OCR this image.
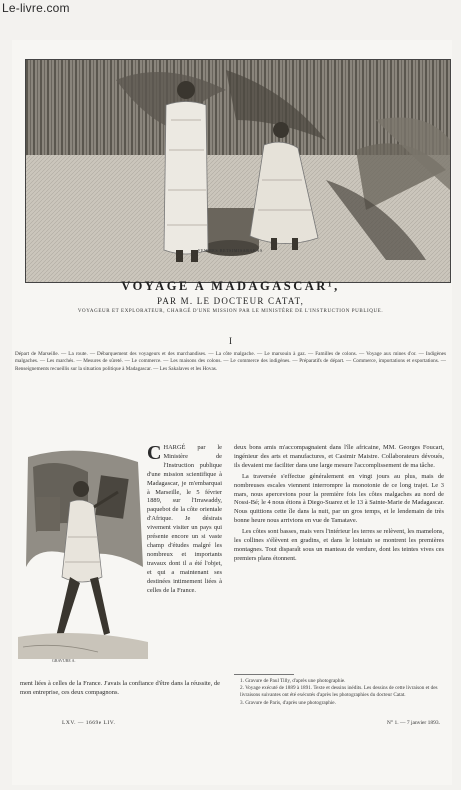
Le-livre.com
FEMMES BETSIMISARAKAS
VOYAGE A MADAGASCAR¹,
PAR M. LE DOCTEUR CATAT,
VOYAGEUR ET EXPLORATEUR, CHARGÉ D'UNE MISSION PAR LE MINISTÈRE DE L'INSTRUCTION PUBLIQUE.
I
Départ de Marseille. — La route. — Débarquement des voyageurs et des marchandises. — La côte malgache. — Le marsouin à gaz. — Familles de colons. — Voyage aux mines d'or. — Indigènes malgaches. — Les marchés. — Mesures de sûreté. — Le commerce. — Les maisons des colons. — Le commerce des indigènes. — Préparatifs de départ. — Commerce, importations et exportations. — Renseignements recueillis sur la situation politique à Madagascar. — Les Sakalaves et les Hovas.
GRAVURE A.
CHARGÉ par le Ministère de l'Instruction publique d'une mission scientifique à Madagascar, je m'embarquai à Marseille, le 5 février 1889, sur l'Irrawaddy, paquebot de la côte orientale d'Afrique. Je désirais vivement visiter un pays qui présente encore un si vaste champ d'études malgré les nombreux et importants travaux dont il a été l'objet, et qui a maintenant ses destinées intimement liées à celles de la France.
ment liées à celles de la France. J'avais la confiance d'être dans la réussite, de mon entreprise, ces deux compagnons.

deux bons amis m'accompagnaient dans l'île africaine, MM. Georges Foucart, ingénieur des arts et manufactures, et Casimir Maistre. Collaborateurs dévoués, ils devaient me faciliter dans une large mesure l'accomplissement de ma tâche.

La traversée s'effectue généralement en vingt jours au plus, mais de nombreuses escales viennent interrompre la monotonie de ce long trajet. Le 3 mars, nous apercevions pour la première fois les côtes malgaches au nord de Nossi-Bé; le 4 nous étions à Diego-Suarez et le 13 à Sainte-Marie de Madagascar. Nous quittions cette île dans la nuit, par un gros temps, et le lendemain de très bonne heure nous arrivions en vue de Tamatave.

Les côtes sont basses, mais vers l'intérieur les terres se relèvent, les mamelons, les collines s'élèvent en gradins, et dans le lointain se montrent les premières montagnes. Tout disparaît sous un manteau de verdure, dont les teintes vives ces premiers plans étonnent.

1. Gravure de Paul Tilly, d'après une photographie.
2. Voyage exécuté de 1889 à 1891. Texte et dessins inédits. Les dessins de cette livraison et des livraisons suivantes ont été exécutés d'après les photographies du docteur Catat.
3. Gravure de Paris, d'après une photographie.
LXV. — 1669e LIV.	N° 1. — 7 janvier 1893.
